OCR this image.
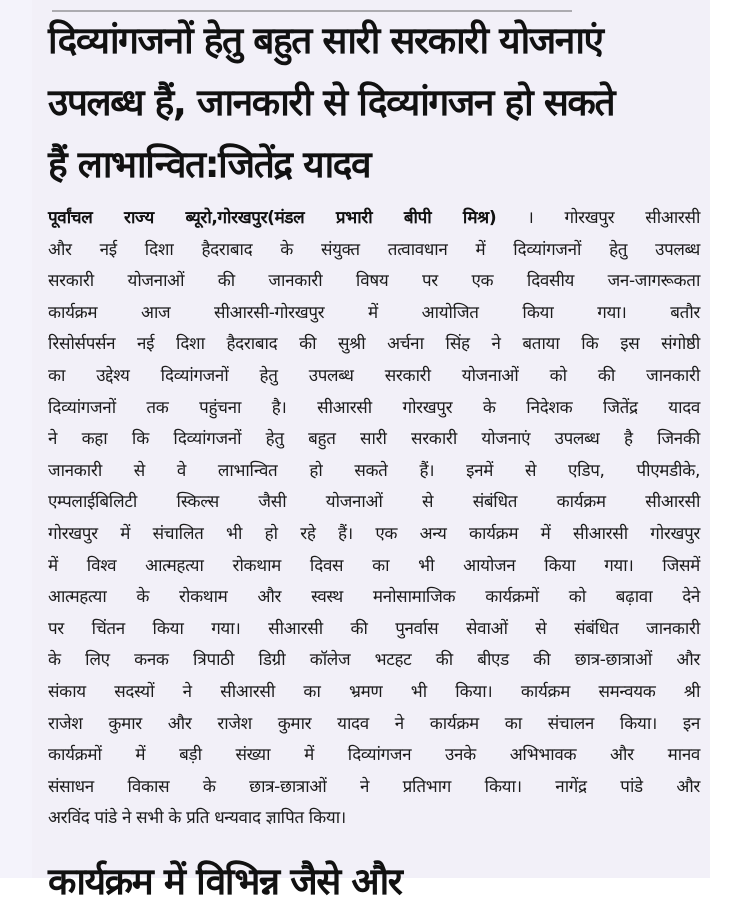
दिव्यांगजनों हेतु बहुत सारी सरकारी योजनाएं
उपलब्ध हैं, जानकारी से दिव्यांगजन हो सकते
हैं लाभान्वित:जितेंद्र यादव
पूर्वांचल राज्य ब्यूरो,गोरखपुर(मंडल प्रभारी बीपी मिश्र) । गोरखपुर सीआरसी
और नई दिशा हैदराबाद के संयुक्त तत्वावधान में दिव्यांगजनों हेतु उपलब्ध
सरकारी योजनाओं की जानकारी विषय पर एक दिवसीय जन-जागरूकता
कार्यक्रम आज सीआरसी-गोरखपुर में आयोजित किया गया। बतौर
रिसोर्सपर्सन नई दिशा हैदराबाद की सुश्री अर्चना सिंह ने बताया कि इस संगोष्ठी
का उद्देश्य दिव्यांगजनों हेतु उपलब्ध सरकारी योजनाओं को की जानकारी
दिव्यांगजनों तक पहुंचना है। सीआरसी गोरखपुर के निदेशक जितेंद्र यादव
ने कहा कि दिव्यांगजनों हेतु बहुत सारी सरकारी योजनाएं उपलब्ध है जिनकी
जानकारी से वे लाभान्वित हो सकते हैं। इनमें से एडिप, पीएमडीके,
एम्पलाईबिलिटी स्किल्स जैसी योजनाओं से संबंधित कार्यक्रम सीआरसी
गोरखपुर में संचालित भी हो रहे हैं। एक अन्य कार्यक्रम में सीआरसी गोरखपुर
में विश्व आत्महत्या रोकथाम दिवस का भी आयोजन किया गया। जिसमें
आत्महत्या के रोकथाम और स्वस्थ मनोसामाजिक कार्यक्रमों को बढ़ावा देने
पर चिंतन किया गया। सीआरसी की पुनर्वास सेवाओं से संबंधित जानकारी
के लिए कनक त्रिपाठी डिग्री कॉलेज भटहट की बीएड की छात्र-छात्राओं और
संकाय सदस्यों ने सीआरसी का भ्रमण भी किया। कार्यक्रम समन्वयक श्री
राजेश कुमार और राजेश कुमार यादव ने कार्यक्रम का संचालन किया। इन
कार्यक्रमों में बड़ी संख्या में दिव्यांगजन उनके अभिभावक और मानव
संसाधन विकास के छात्र-छात्राओं ने प्रतिभाग किया। नागेंद्र पांडे और
अरविंद पांडे ने सभी के प्रति धन्यवाद ज्ञापित किया।
कार्यक्रम में विभिन्न जैसे और
